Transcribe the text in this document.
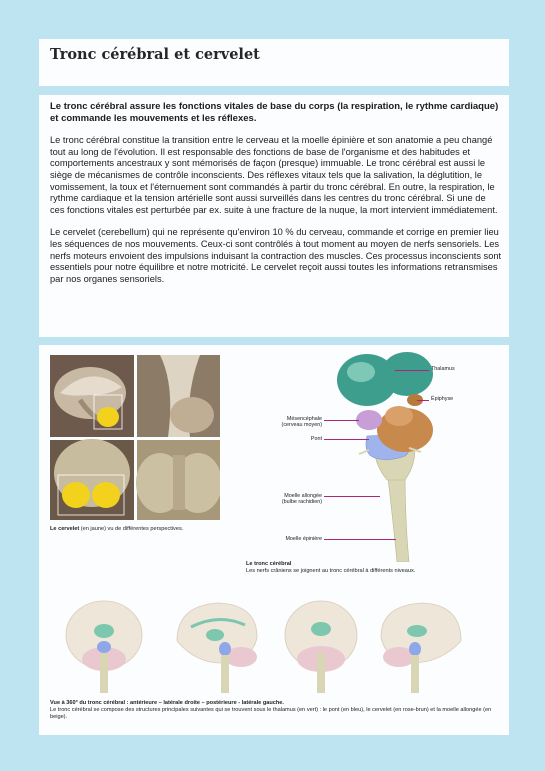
Tronc cérébral et cervelet

Le tronc cérébral assure les fonctions vitales de base du corps (la respiration, le rythme cardiaque) et commande les mouvements et les réflexes.

Le tronc cérébral constitue la transition entre le cerveau et la moelle épinière et son anatomie a peu changé tout au long de l'évolution. Il est responsable des fonctions de base de l'organisme et des habitudes et comportements ancestraux y sont mémorisés de façon (presque) immuable. Le tronc cérébral est aussi le siège de mécanismes de contrôle inconscients. Des réflexes vitaux tels que la salivation, la déglutition, le vomissement, la toux et l'éternuement sont commandés à partir du tronc cérébral. En outre, la respiration, le rythme cardiaque et la tension artérielle sont aussi surveillés dans les centres du tronc cérébral. Si une de ces fonctions vitales est perturbée par ex. suite à une fracture de la nuque, la mort intervient immédiatement.

Le cervelet (cerebellum) qui ne représente qu'environ 10 % du cerveau, commande et corrige en premier lieu les séquences de nos mouvements. Ceux-ci sont contrôlés à tout moment au moyen de nerfs sensoriels. Les nerfs moteurs envoient des impulsions induisant la contraction des muscles. Ces processus inconscients sont essentiels pour notre équilibre et notre motricité. Le cervelet reçoit aussi toutes les informations retransmises par nos organes sensoriels.

Le cervelet (en jaune) vu de différentes perspectives.
Thalamus
Épiphyse
Mésencéphale
(cerveau moyen)
Pont
Moelle allongée
(bulbe rachidien)
Moelle épinière
Le tronc cérébral
Les nerfs crâniens se joignent au tronc cérébral à différents niveaux.
Vue à 360° du tronc cérébral : antérieure – latérale droite – postérieure - latérale gauche.
Le tronc cérébral se compose des structures principales suivantes qui se trouvent sous le thalamus (en vert) : le pont (en bleu), le cervelet (en rose-brun) et la moelle allongée (en beige).
